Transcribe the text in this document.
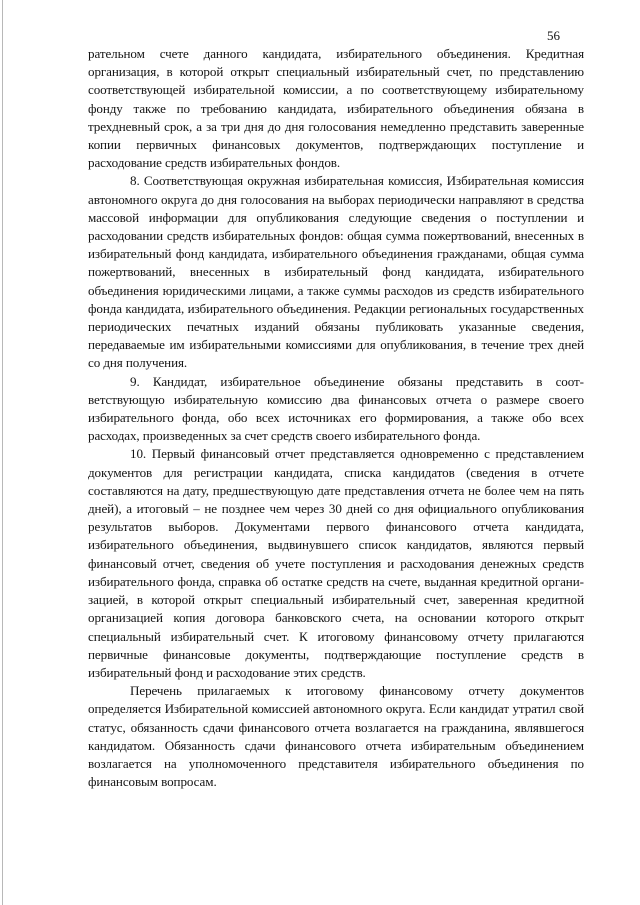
56

рательном счете данного кандидата, избирательного объединения. Кредитная организация, в которой открыт специальный избирательный счет, по представлению соответствующей избирательной комиссии, а по соответствующему избирательному фонду также по требованию кандидата, избирательного объединения обязана в трехдневный срок, а за три дня до дня голосования немедленно представить заверенные копии первичных финансовых документов, подтверждающих поступление и расходование средств избирательных фондов.

8. Соответствующая окружная избирательная комиссия, Избирательная комиссия автономного округа до дня голосования на выборах периодически направляют в средства массовой информации для опубликования следующие сведения о поступлении и расходовании средств избирательных фондов: общая сумма пожертвований, внесенных в избирательный фонд кандидата, избирательного объединения гражданами, общая сумма пожертвований, внесенных в избирательный фонд кандидата, избирательного объединения юридическими лицами, а также суммы расходов из средств избирательного фонда кандидата, избирательного объединения. Редакции региональных государственных периодических печатных изданий обязаны публиковать указанные сведения, передаваемые им избирательными комиссиями для опубликования, в течение трех дней со дня получения.

9. Кандидат, избирательное объединение обязаны представить в соответствующую избирательную комиссию два финансовых отчета о размере своего избирательного фонда, обо всех источниках его формирования, а также обо всех расходах, произведенных за счет средств своего избирательного фонда.

10. Первый финансовый отчет представляется одновременно с представлением документов для регистрации кандидата, списка кандидатов (сведения в отчете составляются на дату, предшествующую дате представления отчета не более чем на пять дней), а итоговый – не позднее чем через 30 дней со дня официального опубликования результатов выборов. Документами первого финансового отчета кандидата, избирательного объединения, выдвинувшего список кандидатов, являются первый финансовый отчет, сведения об учете поступления и расходования денежных средств избирательного фонда, справка об остатке средств на счете, выданная кредитной организацией, в которой открыт специальный избирательный счет, заверенная кредитной организацией копия договора банковского счета, на основании которого открыт специальный избирательный счет. К итоговому финансовому отчету прилагаются первичные финансовые документы, подтверждающие поступление средств в избирательный фонд и расходование этих средств.

Перечень прилагаемых к итоговому финансовому отчету документов определяется Избирательной комиссией автономного округа. Если кандидат утратил свой статус, обязанность сдачи финансового отчета возлагается на гражданина, являвшегося кандидатом. Обязанность сдачи финансового отчета избирательным объединением возлагается на уполномоченного представителя избирательного объединения по финансовым вопросам.
